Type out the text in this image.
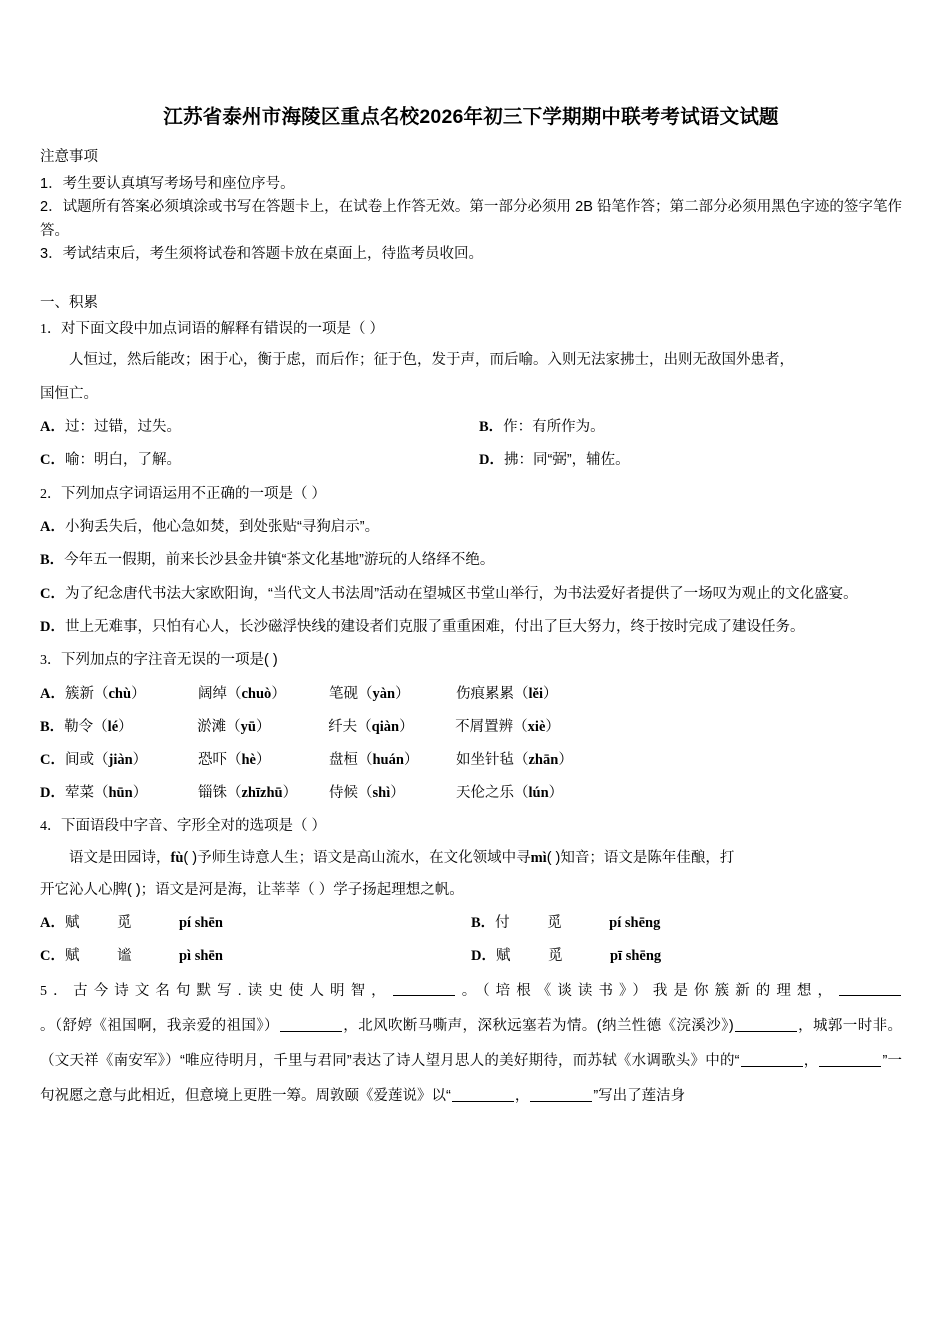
江苏省泰州市海陵区重点名校2026年初三下学期期中联考考试语文试题

注意事项

1．考生要认真填写考场号和座位序号。

2．试题所有答案必须填涂或书写在答题卡上，在试卷上作答无效。第一部分必须用 2B 铅笔作答；第二部分必须用黑色字迹的签字笔作答。

3．考试结束后，考生须将试卷和答题卡放在桌面上，待监考员收回。

一、积累

1．对下面文段中加点词语的解释有错误的一项是（ ）

人恒过，然后能改；困于心，衡于虑，而后作；征于色，发于声，而后喻。入则无法家拂士，出则无敌国外患者，

国恒亡。

A．过：过错，过失。	B．作：有所作为。
C．喻：明白，了解。	D．拂：同“弼”，辅佐。

2．下列加点字词语运用不正确的一项是（ ）

A．小狗丢失后，他心急如焚，到处张贴“寻狗启示”。

B．今年五一假期，前来长沙县金井镇“茶文化基地”游玩的人络绎不绝。

C．为了纪念唐代书法大家欧阳询，“当代文人书法周”活动在望城区书堂山举行，为书法爱好者提供了一场叹为观止的文化盛宴。

D．世上无难事，只怕有心人，长沙磁浮快线的建设者们克服了重重困难，付出了巨大努力，终于按时完成了建设任务。

3．下列加点的字注音无误的一项是( )

A．簇新（chù）	阔绰（chuò）	笔砚（yàn）	伤痕累累（lěi）
B．勒令（lé）	淤滩（yū）	纤夫（qiàn）	不屑置辨（xiè）
C．间或（jiàn）	恐吓（hè）	盘桓（huán）	如坐针毡（zhān）
D．荤菜（hūn）	锱铢（zhīzhū） 侍候（shì）	天伦之乐（lún）

4．下面语段中字音、字形全对的选项是（ ）

语文是田园诗，fù( )予师生诗意人生；语文是高山流水，在文化领域中寻mì( )知音；语文是陈年佳酿，打

开它沁人心脾( )；语文是河是海，让莘莘（ ）学子扬起理想之帆。

A．赋	觅	pí shēn	B．付	觅	pí shēng
C．赋	谧	pì shēn	D．赋	觅	pī shēng

5．古今诗文名句默写.读史使人明智，	。（培根《谈读书》）我是你簇新的理想，。（舒婷《祖国啊，我亲爱的祖国》）	，北风吹断马嘶声，深秋远塞若为情。(纳兰性德《浣溪沙》)	，城郭一时非。（文天祥《南安军》）“唯应待明月，千里与君同”表达了诗人望月思人的美好期待，而苏轼《水调歌头》中的“	，	”一句祝愿之意与此相近，但意境上更胜一筹。周敦颐《爱莲说》以“	，	”写出了莲洁身
